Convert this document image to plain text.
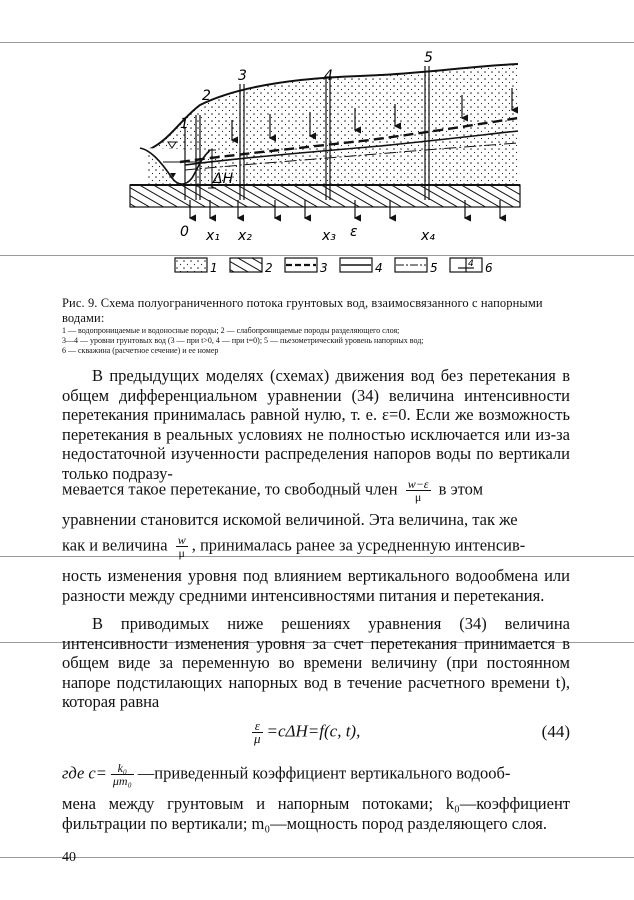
ΔH
1
2
3	4
5
0 x₁ x₂	x₃ ε	x₄
1	2	3	4	5	4 6
Рис. 9. Схема полуограниченного потока грунтовых вод, взаимосвязанного с напорными водами:
1 — водопроницаемые и водоносные породы; 2 — слабопроницаемые породы разделяющего слоя;
3—4 — уровни грунтовых вод (3 — при t>0, 4 — при t=0); 5 — пьезометрический уровень напорных вод;
6 — скважина (расчетное сечение) и ее номер
В предыдущих моделях (схемах) движения вод без перетекания в общем дифференциальном уравнении (34) величина интенсивности перетекания принималась равной нулю, т. е. ε=0. Если же возможность перетекания в реальных условиях не полностью исключается или из-за недостаточной изученности распределения напоров воды по вертикали только подразу-
мевается такое перетекание, то свободный член $\frac{w-\varepsilon}{\mu}$ в этом
уравнении становится искомой величиной. Эта величина, так же
как и величина $\frac{w}{\mu}$ , принималась ранее за усредненную интенсив-
ность изменения уровня под влиянием вертикального водообмена или разности между средними интенсивностями питания и перетекания.
В приводимых ниже решениях уравнения (34) величина интенсивности изменения уровня за счет перетекания принимается в общем виде за переменную во времени величину (при постоянном напоре подстилающих напорных вод в течение расчетного времени t), которая равна
$\frac{\varepsilon}{\mu} =c\Delta H=f(c$, t),	(44)
где $c= \frac{\text{k₀}}{\text{μm₀}}$ —приведенный коэффициент вертикального водооб-
мена между грунтовым и напорным потоками; k₀—коэффициент фильтрации по вертикали; m₀—мощность пород разделяющего слоя.
40
